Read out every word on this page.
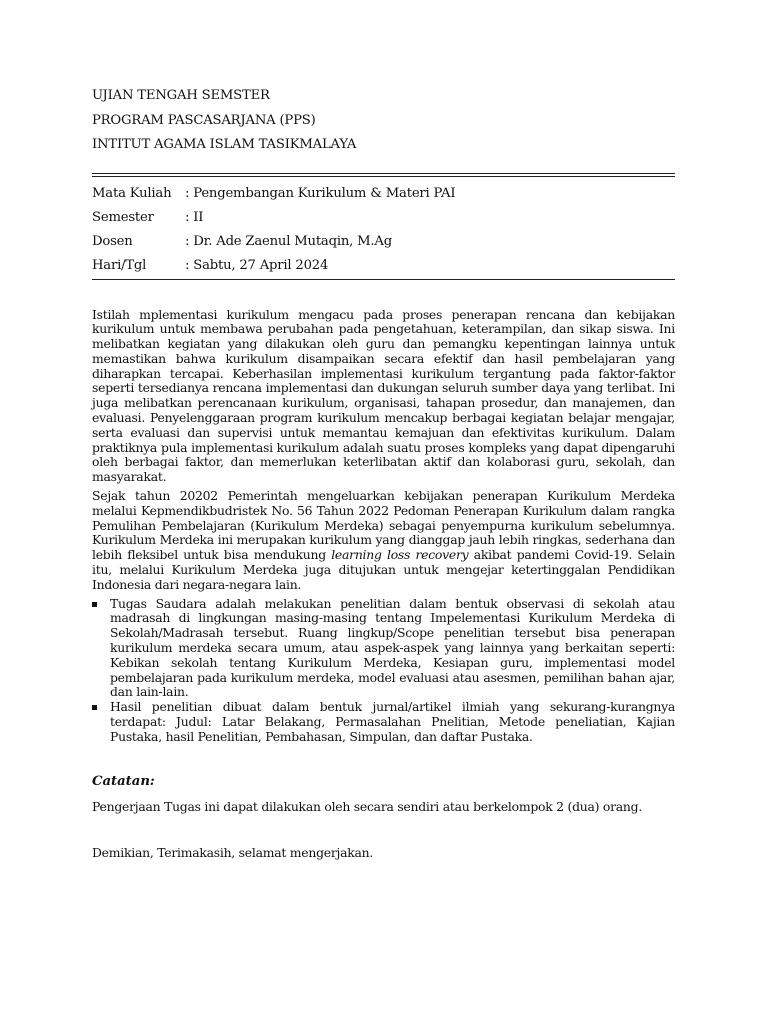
UJIAN TENGAH SEMSTER
PROGRAM PASCASARJANA (PPS)
INTITUT AGAMA ISLAM TASIKMALAYA
Mata Kuliah	: Pengembangan Kurikulum & Materi PAI
Semester	: II
Dosen	: Dr. Ade Zaenul Mutaqin, M.Ag
Hari/Tgl	: Sabtu, 27 April 2024

Istilah mplementasi kurikulum mengacu pada proses penerapan rencana dan kebijakan kurikulum untuk membawa perubahan pada pengetahuan, keterampilan, dan sikap siswa. Ini melibatkan kegiatan yang dilakukan oleh guru dan pemangku kepentingan lainnya untuk memastikan bahwa kurikulum disampaikan secara efektif dan hasil pembelajaran yang diharapkan tercapai. Keberhasilan implementasi kurikulum tergantung pada faktor-faktor seperti tersedianya rencana implementasi dan dukungan seluruh sumber daya yang terlibat. Ini juga melibatkan perencanaan kurikulum, organisasi, tahapan prosedur, dan manajemen, dan evaluasi. Penyelenggaraan program kurikulum mencakup berbagai kegiatan belajar mengajar, serta evaluasi dan supervisi untuk memantau kemajuan dan efektivitas kurikulum. Dalam praktiknya pula implementasi kurikulum adalah suatu proses kompleks yang dapat dipengaruhi oleh berbagai faktor, dan memerlukan keterlibatan aktif dan kolaborasi guru, sekolah, dan masyarakat.

Sejak tahun 20202 Pemerintah mengeluarkan kebijakan penerapan Kurikulum Merdeka melalui Kepmendikbudristek No. 56 Tahun 2022 Pedoman Penerapan Kurikulum dalam rangka Pemulihan Pembelajaran (Kurikulum Merdeka) sebagai penyempurna kurikulum sebelumnya. Kurikulum Merdeka ini merupakan kurikulum yang dianggap jauh lebih ringkas, sederhana dan lebih fleksibel untuk bisa mendukung learning loss recovery akibat pandemi Covid-19. Selain itu, melalui Kurikulum Merdeka juga ditujukan untuk mengejar ketertinggalan Pendidikan Indonesia dari negara-negara lain.

Tugas Saudara adalah melakukan penelitian dalam bentuk observasi di sekolah atau madrasah di lingkungan masing-masing tentang Impelementasi Kurikulum Merdeka di Sekolah/Madrasah tersebut. Ruang lingkup/Scope penelitian tersebut bisa penerapan kurikulum merdeka secara umum, atau aspek-aspek yang lainnya yang berkaitan seperti: Kebikan sekolah tentang Kurikulum Merdeka, Kesiapan guru, implementasi model pembelajaran pada kurikulum merdeka, model evaluasi atau asesmen, pemilihan bahan ajar, dan lain-lain.
Hasil penelitian dibuat dalam bentuk jurnal/artikel ilmiah yang sekurang-kurangnya terdapat: Judul: Latar Belakang, Permasalahan Pnelitian, Metode peneliatian, Kajian Pustaka, hasil Penelitian, Pembahasan, Simpulan, dan daftar Pustaka.
Catatan:
Pengerjaan Tugas ini dapat dilakukan oleh secara sendiri atau berkelompok 2 (dua) orang.
Demikian, Terimakasih, selamat mengerjakan.
